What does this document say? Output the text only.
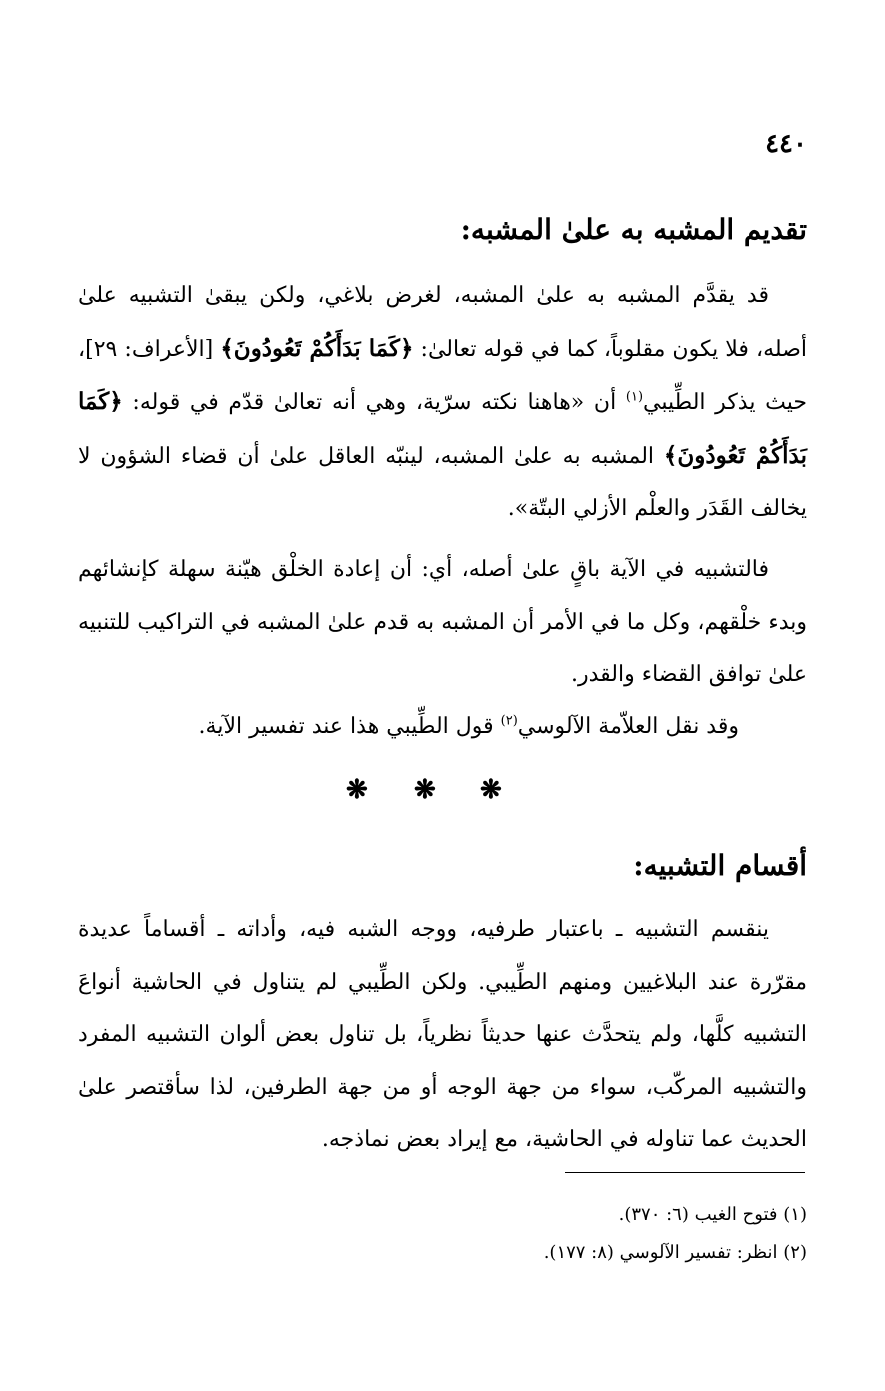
٤٤٠
تقديم المشبه به علىٰ المشبه:

قد يقدَّم المشبه به علىٰ المشبه، لغرض بلاغي، ولكن يبقىٰ التشبيه علىٰ أصله، فلا يكون مقلوباً، كما في قوله تعالىٰ: ﴿كَمَا بَدَأَكُمْ تَعُودُونَ﴾ [الأعراف: ٢٩]، حيث يذكر الطِّيبي$^{(١)}$ أن «هاهنا نكته سرّية، وهي أنه تعالىٰ قدّم في قوله: ﴿كَمَا بَدَأَكُمْ تَعُودُونَ﴾ المشبه به علىٰ المشبه، لينبّه العاقل علىٰ أن قضاء الشؤون لا يخالف القَدَر والعلْم الأزلي البتّة».

فالتشبيه في الآية باقٍ علىٰ أصله، أي: أن إعادة الخلْق هيّنة سهلة كإنشائهم وبدء خلْقهم، وكل ما في الأمر أن المشبه به قدم علىٰ المشبه في التراكيب للتنبيه علىٰ توافق القضاء والقدر.

وقد نقل العلاّمة الآلوسي$^{(٢)}$ قول الطِّيبي هذا عند تفسير الآية.

❋ ❋ ❋
أقسام التشبيه:

ينقسم التشبيه ـ باعتبار طرفيه، ووجه الشبه فيه، وأداته ـ أقساماً عديدة مقرّرة عند البلاغيين ومنهم الطِّيبي. ولكن الطِّيبي لم يتناول في الحاشية أنواعَ التشبيه كلَّها، ولم يتحدَّث عنها حديثاً نظرياً، بل تناول بعض ألوان التشبيه المفرد والتشبيه المركّب، سواء من جهة الوجه أو من جهة الطرفين، لذا سأقتصر علىٰ الحديث عما تناوله في الحاشية، مع إيراد بعض نماذجه.

(١) فتوح الغيب (٦: ٣٧٠).
(٢) انظر: تفسير الآلوسي (٨: ١٧٧).
